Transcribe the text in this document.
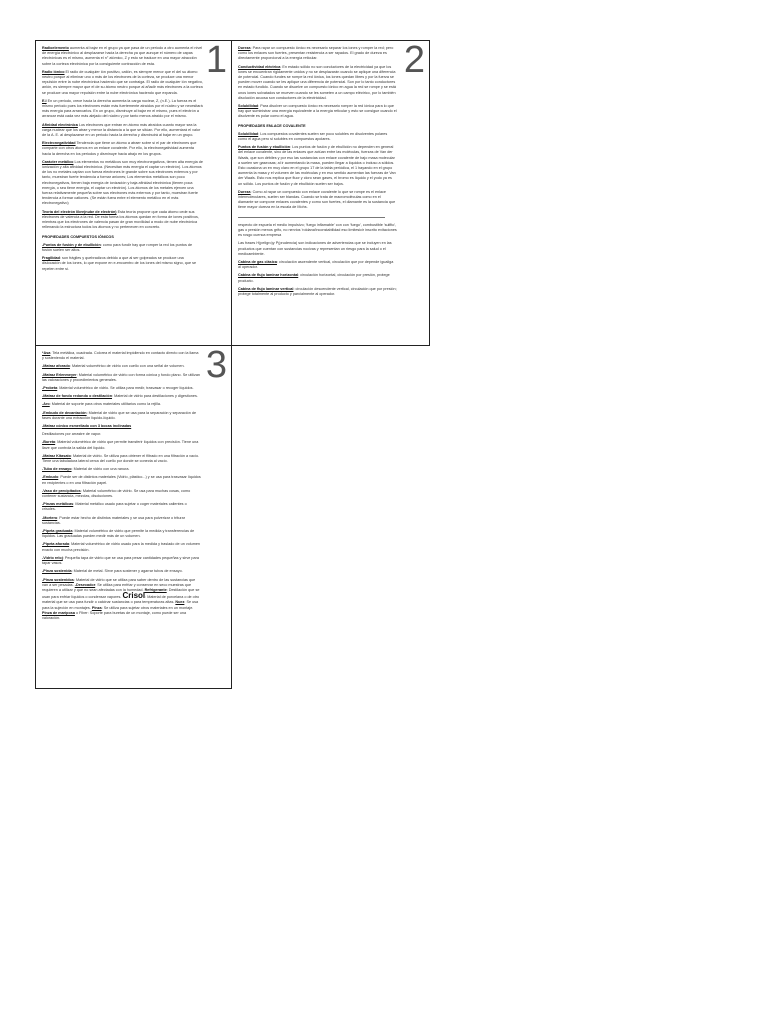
1

Radioelemento aumenta al bajar en el grupo ya que pasa de un periodo a otro aumenta el nivel de energía electrónico al desplazarse hacia la derecha ya que aunque el número de capas electrónicas es el mismo, aumenta el n° atómico, Z y esto se traduce en una mayor atracción sobre la corteza electrónica por la consiguiente contracción de esta.

Radio iónico El radio de cualquier ión positivo, catión, es siempre menor que el del su átomo neutro porque al eliminar uno o más de los electrones de la corteza, se produce una menor repulsión entre la nube electrónica haciendo que se contraiga. El radio de cualquier ión negativo, anión, es siempre mayor que el de su átomo neutro porque al añadir más electrones a la corteza se produce una mayor repulsión entre la nube electrónica haciendo que expanda.

E.I En un periodo, crece hacia la derecha aumenta la carga nuclear, Z, (n.E.). La fuerza es el mismo periodo pues los electrones están más fuertemente atraídos por el núcleo y se necesitará más energía para arrancarlos. En un grupo, disminuye al bajar en el mismo, pues el electrón a arrancar está cada vez más alejado del núcleo y por tanto menos atraído por el mismo.

Afinidad electrónica Los electrones que entran en átomo más atraídos cuanto mayor sea la carga nuclear que los atrae y menor la distancia a la que se sitúan. Por ello, aumentará el valor de la A. E. al desplazarse en un periodo hacia la derecha y disminuirá al bajar en un grupo.

Electronegatividad Tendencia que tiene un átomo a atraer sobre sí el par de electrones que comparte con otros átomos en un enlace covalente. Por ello, la electronegatividad aumenta hacia la derecha en los periodos y disminuye hacia abajo en los grupos.

Carácter metálico Los elementos no metálicos son muy electronegativos, tienen alta energía de ionización y alta afinidad electrónica. (Necesitan más energía el captar un electrón). Los átomos de los no metales captan con fuerza electrones le grande sobre sus electrones externos y por tanto, muestran fuerte tendencia a formar aniones; Los elementos metálicos son poco electronegativos, tienen baja energía de ionización y baja afinidad electrónica (tienen poca energía, o sea tiene energía, el captar un electrón). Los átomos de los metales ejercen una fuerza relativamente pequeña sobre sus electrones más externos y por tanto, muestran fuerte tendencia a formar cationes. (Se están fuera entre el elemento metálico en el más electronegativo)

Teoría del electrón libre(nube de electrón) Esta teoría propone que cada átomo cede sus electrones de valencia a la red. De esta forma los átomos quedan en forma de iones positivos, mientras que los electrones de valencia pasan de gran movilidad a modo de nube electrónica rellenando la estructura todos los átomos y no pertenecen en concreto.

PROPIEDADES COMPUESTOS IÓNICOS

-Puntos de fusión y de ebullición: como para fundir hay que romper la red los puntos de fusión suelen ser altos.

Fragilidad: son frágiles y quebradizos debido a que al ser golpeados se produce una dislocación de los iones, lo que expone en e-encuentro de los iones del mismo signo, que se repelen entre sí.

2

Dureza: Para rayar un compuesto iónico es necesario separar los iones y romper la red; pero como los enlaces son fuertes, presentan resistencia a ser rayados. El grado de dureza es directamente proporcional a la energía reticular.

Conductividad eléctrica: En estado sólido no son conductores de la electricidad ya que los iones se encuentran rígidamente unidos y no se desplazarán cuando se aplique una diferencia de potencial. Cuando fundes se rompe la red iónica, los iones quedan libres y por la fuerza se pueden mover cuando se les aplique una diferencia de potencial. Son por lo tanto conductores en estado fundido. Cuando se disuelve un compuesto iónico en agua la red se rompe y se está unos iones solvatados se mueven cuando se les someten a un campo eléctrico, por lo también disolución acuosa son conductores de la electricidad.

Solubilidad: Para disolver un compuesto iónico es necesario romper la red iónica para lo que hay que suministrar una energía equivalente a la energía reticular y esto se consigue cuando el disolvente es polar como el agua.

PROPIEDADES ENLACE COVALENTE

Solubilidad: Los compuestos covalentes suelen ser poco solubles en disolventes polares como el agua pero si solubles en compuestos apolares.

Puntos de fusión y ebullición: Los puntos de fusión y de ebullición no dependen en general del enlace covalente, sino de las enlaces que actúan entre las moléculas, fuerzas de Van der Waals, que son débiles y por eso las sustancias con enlace covalente de bajo masa molecular a suelen ser gaseosas; al ir aumentando la masa, pueden llegar a líquidos o incluso a sólidos. Esto ocasiona un en muy claro en el grupo 17 de la tabla periódica, el 1 hayando en el grupo aumenta la masa y el volumen de las moléculas y en eso sentido aumentan las fuerzas de Van der Waals. Esto nos explica que fluor y cloro sean gases, el bromo es líquido y el yodo ya es un sólido. Los puntos de fusión y de ebullición suelen ser bajos.

Dureza: Como al rayar un compuesto con enlace covalente lo que se rompe es el enlace intermoleculares, suelen ser blandas. Cuando se trata de macromoléculas como en el diamante se compone enlaces covalentes y como son fuertes, el diamante es la sustancia que tiene mayor dureza en la escala de Mohs.

respecto de espuela el medio impulsivo; 'fuego inflamable' con con 'fuego', combustible 'sulfito', gas o presión menos grifo, no nervios 'roldana'inconstabilidad eso límitesicir inscrito evitaciones es rosgo cuenca empresa

Las frases H(peligro)y P(prudencia) son indicaciones de advertencias que se incluyen en las productos que cuentan con sustancias nocivas y representan un riesgo para la salud o el medioambiente.

Cabina de gas clásica: circulación ascendente vertical, circulación que por depende igualiga al operador.

Cabina de flujo laminar horizontal: circulación horizontal, circulación por presión, protege producto.

Cabina de flujo laminar vertical: circulación descendente vertical, circulación que por presión; protege totalmente al producto y parcialmente al operador.

3

*Asa: Tela metálica, cuadrada. Colorea el material impidiendo en contacto directo con la llama y sosteniendo el material.

-Matraz aforado: Material volumétrico de vidrio con cuello con una señal de volumen.

-Matraz Erlenmeyer: Material volumétrico de vidrio con forma cónica y fondo plano. Se utilizan las valoraciones y procedimientos generales.

-Probeta: Material volumétrico de vidrio. Se utiliza para medir, trasvasar o recoger líquidos.

-Matraz de fondo redondo o destilación: Material de vidrio para destilaciones y digestiones.

-Aro: Material de soporte para otros materiales utilitarios como la rejilla.

-Embudo de decantación: Material de vidrio que se usa para la separación y separación de fases durante una extracción líquido-líquido.

-Matraz cónico esmerilado con 3 bocas inclinadas

Destilaciones por arrastre de vapor.

-Bureta: Material volumétrico de vidrio que permite transferir líquidos con precisión. Tiene una llave que controla la salida del líquido.

-Matraz Kitasato: Material de vidrio. Se utiliza para obtener el filtrado en una filtración a vacío. Tiene una tabuladura lateral cerca del cuello por donde se conecta al vacío.

-Tubo de ensayo: Material de vidrio con una ranura.

-Embudo: Puede ser de distintos materiales (Vidrio, plástico...) y se usa para trasvasar líquidos en recipientes o en una filtración papel.

-Vaso de precipitados: Material volumétrico de vidrio. Se usa para muchas cosas, como contener sustancia, mezclas, disoluciones.

-Pinzas metálicas: Material metálico usado para sujetar o coger materiales calientes o crisoles.

-Mortero: Puede estar hecho de distintos materiales y se usa para pulverizar o triturar sustancias.

-Pipeta graduada: Material volumétrico de vidrio que permite la medida y transferencias de líquidos. Las graduadas pueden medir más de un volumen.

-Pipeta aforada: Material volumétrico de vidrio usado para la medida y traslado de un volumen exacto con mucha precisión.

-Vidrio reloj: Pequeña tapa de vidrio que se usa para pesar cantidades pequeñas y sirve para tapar vasos.

-Pinza sostenida: Material de metal. Sirve para sostener y agarrar tubos de ensayo.

-Pinza sostenidos: Material de vidrio que se utiliza para saber dentro de las sustancias que van a ser pesadas. -Desecador: Se utiliza para enfriar y conservar en seco muestras que requieren a utilizar y que no sean afectadas con la humedad. Refrigerante: Destilación que se usan para enfriar líquidos o condensar vapores. Crisol: Material de porcelana o de otro material que se usa para fundir o calcinar sustancias o para temperaturas altas. Nuez: Se usa para la sujeción en montajes. Pinza: Se utiliza para sujetar otros materiales en un montaje. Pinza de mariposa o Fiber: Soporte para buretas de un montaje, como puede ser una valoración.
